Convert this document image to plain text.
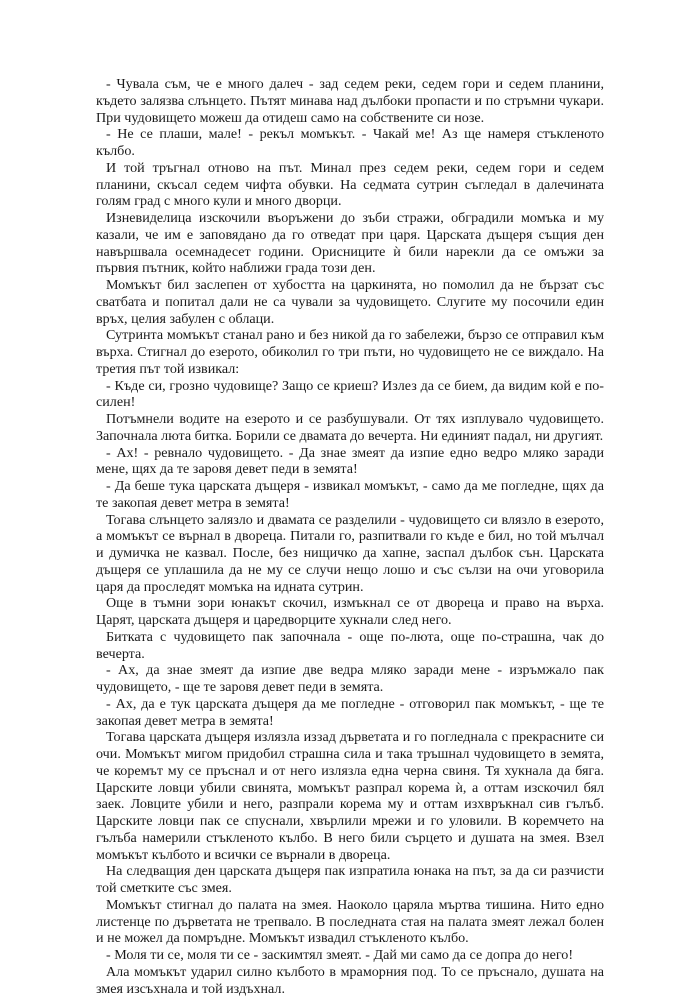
- Чувала съм, че е много далеч - зад седем реки, седем гори и седем планини, където залязва слънцето. Пътят минава над дълбоки пропасти и по стръмни чукари. При чудовището можеш да отидеш само на собствените си нозе.

- Не се плаши, мале! - рекъл момъкът. - Чакай ме! Аз ще намеря стъкленото кълбо.

И той тръгнал отново на път. Минал през седем реки, седем гори и седем планини, скъсал седем чифта обувки. На седмата сутрин съгледал в далечината голям град с много кули и много дворци.

Изневиделица изскочили въоръжени до зъби стражи, обградили момъка и му казали, че им е заповядано да го отведат при царя. Царската дъщеря същия ден навършвала осемнадесет години. Орисниците ѝ били нарекли да се омъжи за първия пътник, който наближи града този ден.

Момъкът бил заслепен от хубостта на царкинята, но помолил да не бързат със сватбата и попитал дали не са чували за чудовището. Слугите му посочили един връх, целия забулен с облаци.

Сутринта момъкът станал рано и без никой да го забележи, бързо се отправил към върха. Стигнал до езерото, обиколил го три пъти, но чудовището не се виждало. На третия път той извикал:

- Къде си, грозно чудовище? Защо се криеш? Излез да се бием, да видим кой е по-силен!

Потъмнели водите на езерото и се разбушували. От тях изплувало чудовището. Започнала люта битка. Борили се двамата до вечерта. Ни единият падал, ни другият.

- Ах! - ревнало чудовището. - Да знае змеят да изпие едно ведро мляко заради мене, щях да те заровя девет педи в земята!

- Да беше тука царската дъщеря - извикал момъкът, - само да ме погледне, щях да те закопая девет метра в земята!

Тогава слънцето залязло и двамата се разделили - чудовището си влязло в езерото, а момъкът се върнал в двореца. Питали го, разпитвали го къде е бил, но той мълчал и думичка не казвал. После, без нищичко да хапне, заспал дълбок сън. Царската дъщеря се уплашила да не му се случи нещо лошо и със сълзи на очи уговорила царя да проследят момъка на идната сутрин.

Още в тъмни зори юнакът скочил, измъкнал се от двореца и право на върха. Царят, царската дъщеря и царедворците хукнали след него.

Битката с чудовището пак започнала - още по-люта, още по-страшна, чак до вечерта.

- Ах, да знае змеят да изпие две ведра мляко заради мене - изръмжало пак чудовището, - ще те заровя девет педи в земята.

- Ах, да е тук царската дъщеря да ме погледне - отговорил пак момъкът, - ще те закопая девет метра в земята!

Тогава царската дъщеря излязла иззад дърветата и го погледнала с прекрасните си очи. Момъкът мигом придобил страшна сила и така тръшнал чудовището в земята, че коремът му се пръснал и от него излязла една черна свиня. Тя хукнала да бяга. Царските ловци убили свинята, момъкът разпрал корема ѝ, а оттам изскочил бял заек. Ловците убили и него, разпрали корема му и оттам изхвръкнал сив гълъб. Царските ловци пак се спуснали, хвърлили мрежи и го уловили. В коремчето на гълъба намерили стъкленото кълбо. В него били сърцето и душата на змея. Взел момъкът кълбото и всички се върнали в двореца.

На следващия ден царската дъщеря пак изпратила юнака на път, за да си разчисти той сметките със змея.

Момъкът стигнал до палата на змея. Наоколо царяла мъртва тишина. Нито едно листенце по дърветата не трепвало. В последната стая на палата змеят лежал болен и не можел да помръдне. Момъкът извадил стъкленото кълбо.

- Моля ти се, моля ти се - заскимтял змеят. - Дай ми само да се допра до него!

Ала момъкът ударил силно кълбото в мраморния под. То се пръснало, душата на змея изсъхнала и той издъхнал.
